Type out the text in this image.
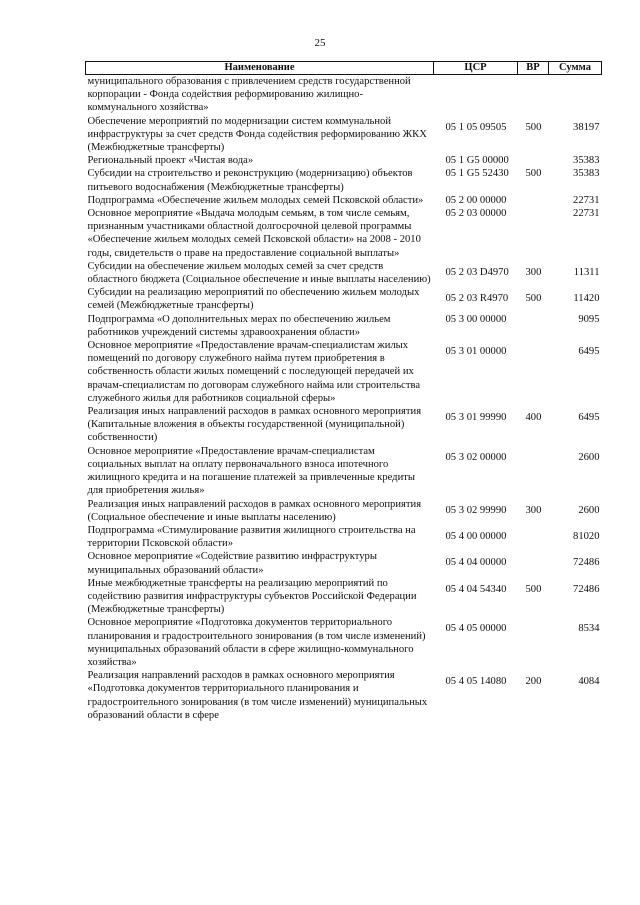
25
Наименование	ЦСР	ВР	Сумма
муниципального образования с привлечением средств государственной корпорации - Фонда содействия реформированию жилищно-коммунального хозяйства»			
Обеспечение мероприятий по модернизации систем коммунальной инфраструктуры за счет средств Фонда содействия реформированию ЖКХ (Межбюджетные трансферты)	05 1 05 09505	500	38197
Региональный проект «Чистая вода»	05 1 G5 00000		35383
Субсидии на строительство и реконструкцию (модернизацию) объектов питьевого водоснабжения (Межбюджетные трансферты)	05 1 G5 52430	500	35383
Подпрограмма «Обеспечение жильем молодых семей Псковской области»	05 2 00 00000		22731
Основное мероприятие «Выдача молодым семьям, в том числе семьям, признанным участниками областной долгосрочной целевой программы «Обеспечение жильем молодых семей Псковской области» на 2008 - 2010 годы, свидетельств о праве на предоставление социальной выплаты»	05 2 03 00000		22731
Субсидии на обеспечение жильем молодых семей за счет средств областного бюджета (Социальное обеспечение и иные выплаты населению)	05 2 03 D4970	300	11311
Субсидии на реализацию мероприятий по обеспечению жильем молодых семей (Межбюджетные трансферты)	05 2 03 R4970	500	11420
Подпрограмма «О дополнительных мерах по обеспечению жильем работников учреждений системы здравоохранения области»	05 3 00 00000		9095
Основное мероприятие «Предоставление врачам-специалистам жилых помещений по договору служебного найма путем приобретения в собственность области жилых помещений с последующей передачей их врачам-специалистам по договорам служебного найма или строительства служебного жилья для работников социальной сферы»	05 3 01 00000		6495
Реализация иных направлений расходов в рамках основного мероприятия (Капитальные вложения в объекты государственной (муниципальной) собственности)	05 3 01 99990	400	6495
Основное мероприятие «Предоставление врачам-специалистам социальных выплат на оплату первоначального взноса ипотечного жилищного кредита и на погашение платежей за привлеченные кредиты для приобретения жилья»	05 3 02 00000		2600
Реализация иных направлений расходов в рамках основного мероприятия (Социальное обеспечение и иные выплаты населению)	05 3 02 99990	300	2600
Подпрограмма «Стимулирование развития жилищного строительства на территории Псковской области»	05 4 00 00000		81020
Основное мероприятие «Содействие развитию инфраструктуры муниципальных образований области»	05 4 04 00000		72486
Иные межбюджетные трансферты на реализацию мероприятий по содействию развития инфраструктуры субъектов Российской Федерации (Межбюджетные трансферты)	05 4 04 54340	500	72486
Основное мероприятие «Подготовка документов территориального планирования и градостроительного зонирования (в том числе изменений) муниципальных образований области в сфере жилищно-коммунального хозяйства»	05 4 05 00000		8534
Реализация направлений расходов в рамках основного мероприятия «Подготовка документов территориального планирования и градостроительного зонирования (в том числе изменений) муниципальных образований области в сфере	05 4 05 14080	200	4084
